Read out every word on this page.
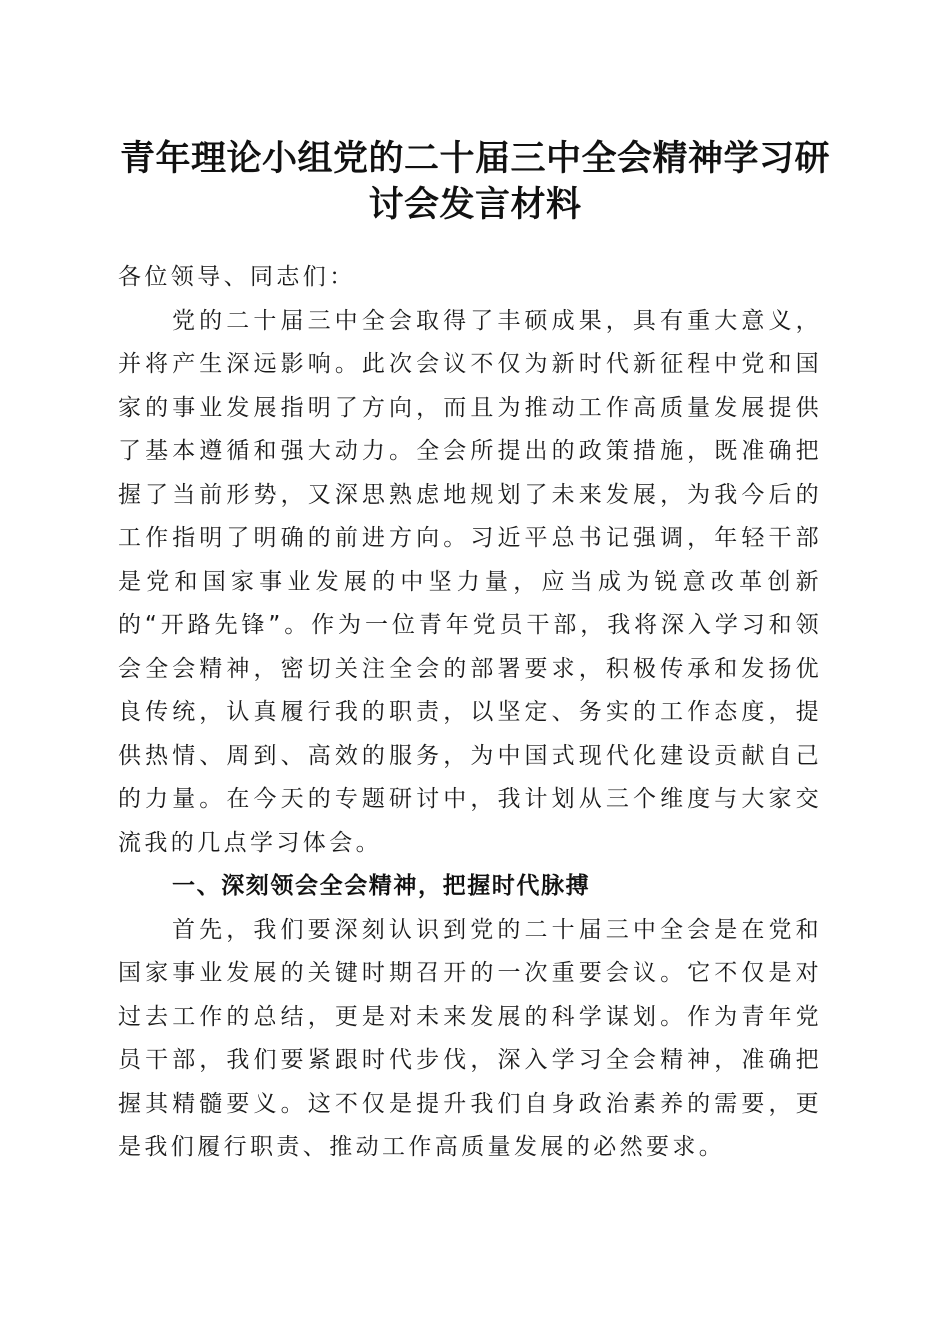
青年理论小组党的二十届三中全会精神学习研
讨会发言材料

各位领导、同志们：

党的二十届三中全会取得了丰硕成果，具有重大意义，并将产生深远影响。此次会议不仅为新时代新征程中党和国家的事业发展指明了方向，而且为推动工作高质量发展提供了基本遵循和强大动力。全会所提出的政策措施，既准确把握了当前形势，又深思熟虑地规划了未来发展，为我今后的工作指明了明确的前进方向。习近平总书记强调，年轻干部是党和国家事业发展的中坚力量，应当成为锐意改革创新的“开路先锋”。作为一位青年党员干部，我将深入学习和领会全会精神，密切关注全会的部署要求，积极传承和发扬优良传统，认真履行我的职责，以坚定、务实的工作态度，提供热情、周到、高效的服务，为中国式现代化建设贡献自己的力量。在今天的专题研讨中，我计划从三个维度与大家交流我的几点学习体会。

一、深刻领会全会精神，把握时代脉搏

首先，我们要深刻认识到党的二十届三中全会是在党和国家事业发展的关键时期召开的一次重要会议。它不仅是对过去工作的总结，更是对未来发展的科学谋划。作为青年党员干部，我们要紧跟时代步伐，深入学习全会精神，准确把握其精髓要义。这不仅是提升我们自身政治素养的需要，更是我们履行职责、推动工作高质量发展的必然要求。
